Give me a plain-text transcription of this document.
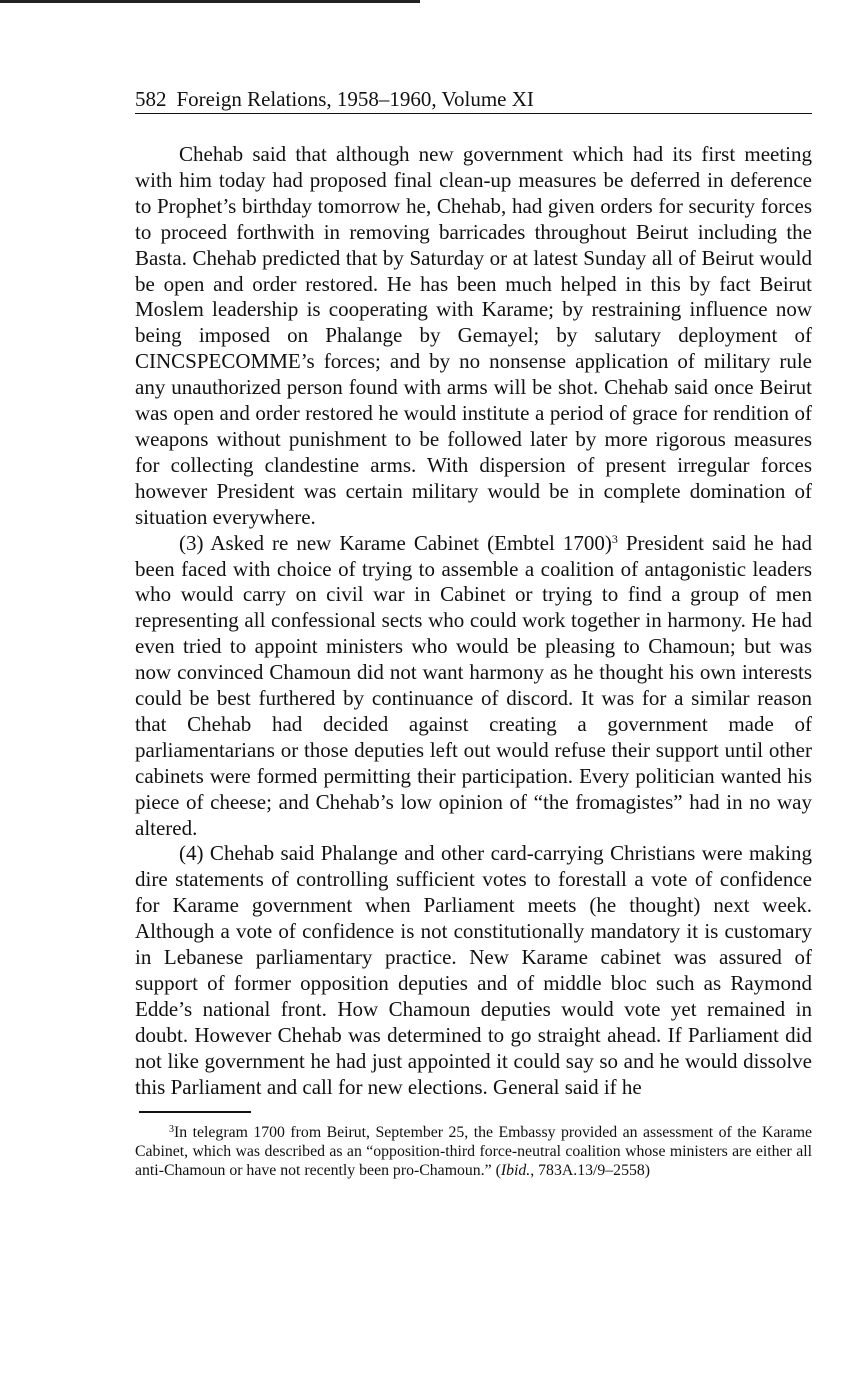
582 Foreign Relations, 1958–1960, Volume XI

Chehab said that although new government which had its first meeting with him today had proposed final clean-up measures be deferred in deference to Prophet’s birthday tomorrow he, Chehab, had given orders for security forces to proceed forthwith in removing barricades throughout Beirut including the Basta. Chehab predicted that by Saturday or at latest Sunday all of Beirut would be open and order restored. He has been much helped in this by fact Beirut Moslem leadership is cooperating with Karame; by restraining influence now being imposed on Phalange by Gemayel; by salutary deployment of CINCSPECOMME’s forces; and by no nonsense application of military rule any unauthorized person found with arms will be shot. Chehab said once Beirut was open and order restored he would institute a period of grace for rendition of weapons without punishment to be followed later by more rigorous measures for collecting clandestine arms. With dispersion of present irregular forces however President was certain military would be in complete domination of situation everywhere.

(3) Asked re new Karame Cabinet (Embtel 1700)$^3$ President said he had been faced with choice of trying to assemble a coalition of antagonistic leaders who would carry on civil war in Cabinet or trying to find a group of men representing all confessional sects who could work together in harmony. He had even tried to appoint ministers who would be pleasing to Chamoun; but was now convinced Chamoun did not want harmony as he thought his own interests could be best furthered by continuance of discord. It was for a similar reason that Chehab had decided against creating a government made of parliamentarians or those deputies left out would refuse their support until other cabinets were formed permitting their participation. Every politician wanted his piece of cheese; and Chehab’s low opinion of “the fromagistes” had in no way altered.

(4) Chehab said Phalange and other card-carrying Christians were making dire statements of controlling sufficient votes to forestall a vote of confidence for Karame government when Parliament meets (he thought) next week. Although a vote of confidence is not constitutionally mandatory it is customary in Lebanese parliamentary practice. New Karame cabinet was assured of support of former opposition deputies and of middle bloc such as Raymond Edde’s national front. How Chamoun deputies would vote yet remained in doubt. However Chehab was determined to go straight ahead. If Parliament did not like government he had just appointed it could say so and he would dissolve this Parliament and call for new elections. General said if he

$^3$In telegram 1700 from Beirut, September 25, the Embassy provided an assessment of the Karame Cabinet, which was described as an “opposition-third force-neutral coalition whose ministers are either all anti-Chamoun or have not recently been pro-Chamoun.” (Ibid., 783A.13/9–2558)
